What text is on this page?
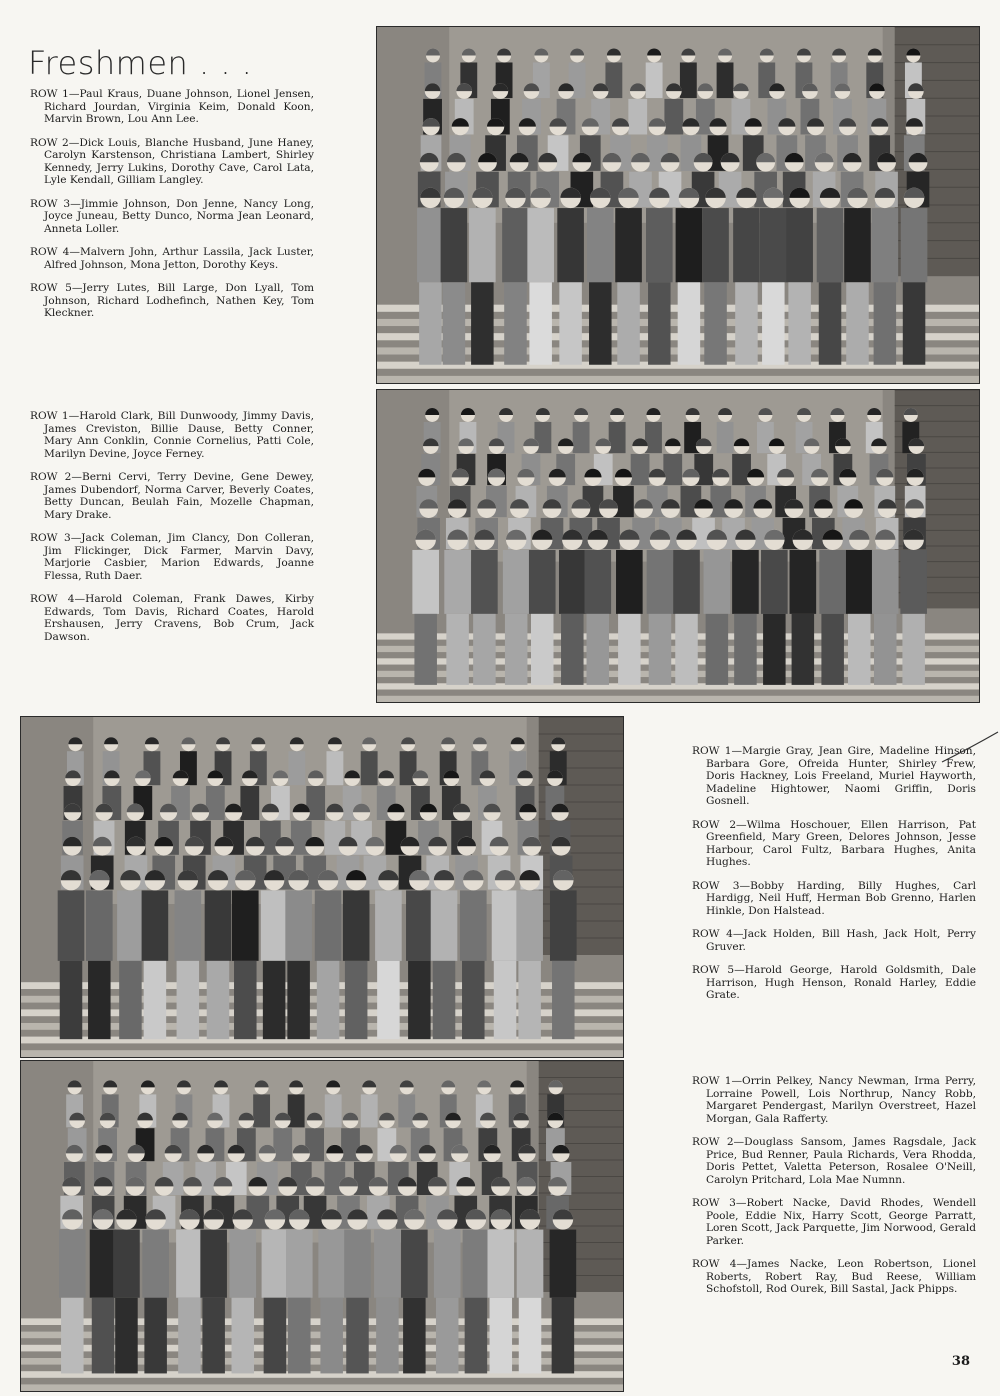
Freshmen . . .

ROW 1—Paul Kraus, Duane Johnson, Lionel Jensen, Richard Jourdan, Virginia Keim, Donald Koon, Marvin Brown, Lou Ann Lee.

ROW 2—Dick Louis, Blanche Husband, June Haney, Carolyn Karstenson, Christiana Lambert, Shirley Kennedy, Jerry Lukins, Dorothy Cave, Carol Lata, Lyle Kendall, Gilliam Langley.

ROW 3—Jimmie Johnson, Don Jenne, Nancy Long, Joyce Juneau, Betty Dunco, Norma Jean Leonard, Anneta Loller.

ROW 4—Malvern John, Arthur Lassila, Jack Luster, Alfred Johnson, Mona Jetton, Dorothy Keys.

ROW 5—Jerry Lutes, Bill Large, Don Lyall, Tom Johnson, Richard Lodhefinch, Nathen Key, Tom Kleckner.

ROW 1—Harold Clark, Bill Dunwoody, Jimmy Davis, James Creviston, Billie Dause, Betty Conner, Mary Ann Conklin, Connie Cornelius, Patti Cole, Marilyn Devine, Joyce Ferney.

ROW 2—Berni Cervi, Terry Devine, Gene Dewey, James Dubendorf, Norma Carver, Beverly Coates, Betty Duncan, Beulah Fain, Mozelle Chapman, Mary Drake.

ROW 3—Jack Coleman, Jim Clancy, Don Colleran, Jim Flickinger, Dick Farmer, Marvin Davy, Marjorie Casbier, Marion Edwards, Joanne Flessa, Ruth Daer.

ROW 4—Harold Coleman, Frank Dawes, Kirby Edwards, Tom Davis, Richard Coates, Harold Ershausen, Jerry Cravens, Bob Crum, Jack Dawson.

ROW 1—Margie Gray, Jean Gire, Madeline Hinson, Barbara Gore, Ofreida Hunter, Shirley Frew, Doris Hackney, Lois Freeland, Muriel Hayworth, Madeline Hightower, Naomi Griffin, Doris Gosnell.

ROW 2—Wilma Hoschouer, Ellen Harrison, Pat Greenfield, Mary Green, Delores Johnson, Jesse Harbour, Carol Fultz, Barbara Hughes, Anita Hughes.

ROW 3—Bobby Harding, Billy Hughes, Carl Hardigg, Neil Huff, Herman Bob Grenno, Harlen Hinkle, Don Halstead.

ROW 4—Jack Holden, Bill Hash, Jack Holt, Perry Gruver.

ROW 5—Harold George, Harold Goldsmith, Dale Harrison, Hugh Henson, Ronald Harley, Eddie Grate.

ROW 1—Orrin Pelkey, Nancy Newman, Irma Perry, Lorraine Powell, Lois Northrup, Nancy Robb, Margaret Pendergast, Marilyn Overstreet, Hazel Morgan, Gala Rafferty.

ROW 2—Douglass Sansom, James Ragsdale, Jack Price, Bud Renner, Paula Richards, Vera Rhodda, Doris Pettet, Valetta Peterson, Rosalee O'Neill, Carolyn Pritchard, Lola Mae Numnn.

ROW 3—Robert Nacke, David Rhodes, Wendell Poole, Eddie Nix, Harry Scott, George Parratt, Loren Scott, Jack Parquette, Jim Norwood, Gerald Parker.

ROW 4—James Nacke, Leon Robertson, Lionel Roberts, Robert Ray, Bud Reese, William Schofstoll, Rod Ourek, Bill Sastal, Jack Phipps.

38
